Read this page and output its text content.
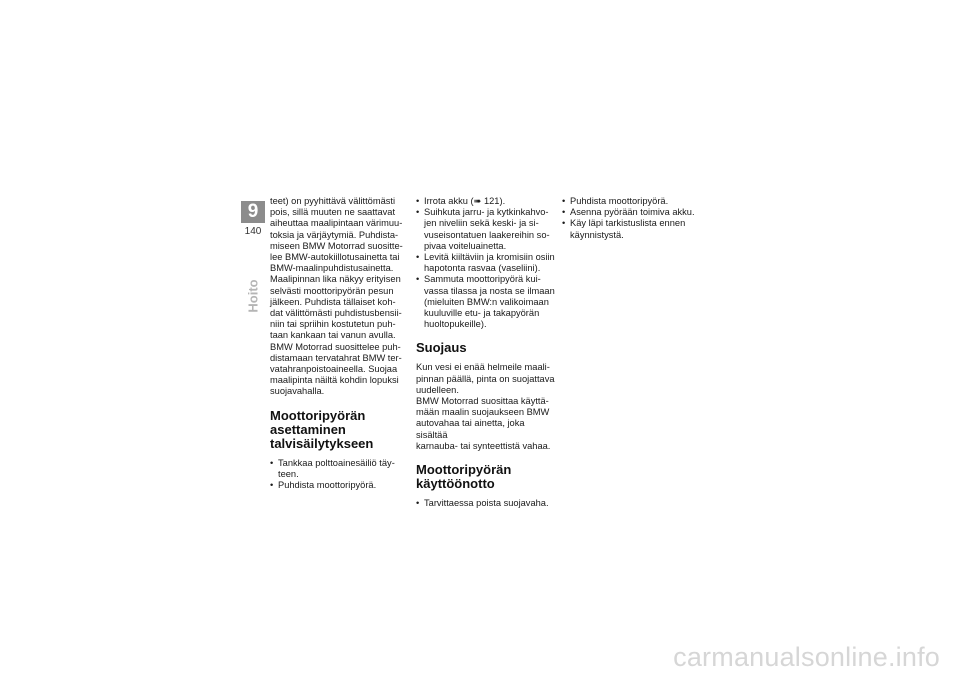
9
140
Hoito

teet) on pyyhittävä välittömästi
pois, sillä muuten ne saattavat
aiheuttaa maalipintaan värimuu-
toksia ja värjäytymiä. Puhdista-
miseen BMW Motorrad suositte-
lee BMW-autokiillotusainetta tai
BMW-maalinpuhdistusainetta.
Maalipinnan lika näkyy erityisen
selvästi moottoripyörän pesun
jälkeen. Puhdista tällaiset koh-
dat välittömästi puhdistusbensii-
niin tai spriihin kostutetun puh-
taan kankaan tai vanun avulla.
BMW Motorrad suosittelee puh-
distamaan tervatahrat BMW ter-
vatahranpoistoaineella. Suojaa
maalipinta näiltä kohdin lopuksi
suojavahalla.

Moottoripyörän
asettaminen
talvisäilytykseen
• Tankkaa polttoainesäiliö täy-
teen.
• Puhdista moottoripyörä.
• Irrota akku (➠ 121).
• Suihkuta jarru- ja kytkinkahvo-
jen niveliin sekä keski- ja si-
vuseisontatuen laakereihin so-
pivaa voiteluainetta.
• Levitä kiiltäviin ja kromisiin osiin
hapotonta rasvaa (vaseliini).
• Sammuta moottoripyörä kui-
vassa tilassa ja nosta se ilmaan
(mieluiten BMW:n valikoimaan
kuuluville etu- ja takapyörän
huoltopukeille).
Suojaus

Kun vesi ei enää helmeile maali-
pinnan päällä, pinta on suojattava
uudelleen.
BMW Motorrad suosittaa käyttä-
mään maalin suojaukseen BMW
autovahaa tai ainetta, joka sisältää
karnauba- tai synteettistä vahaa.

Moottoripyörän
käyttöönotto
• Tarvittaessa poista suojavaha.
• Puhdista moottoripyörä.
• Asenna pyörään toimiva akku.
• Käy läpi tarkistuslista ennen
käynnistystä.
carmanualsonline.info
